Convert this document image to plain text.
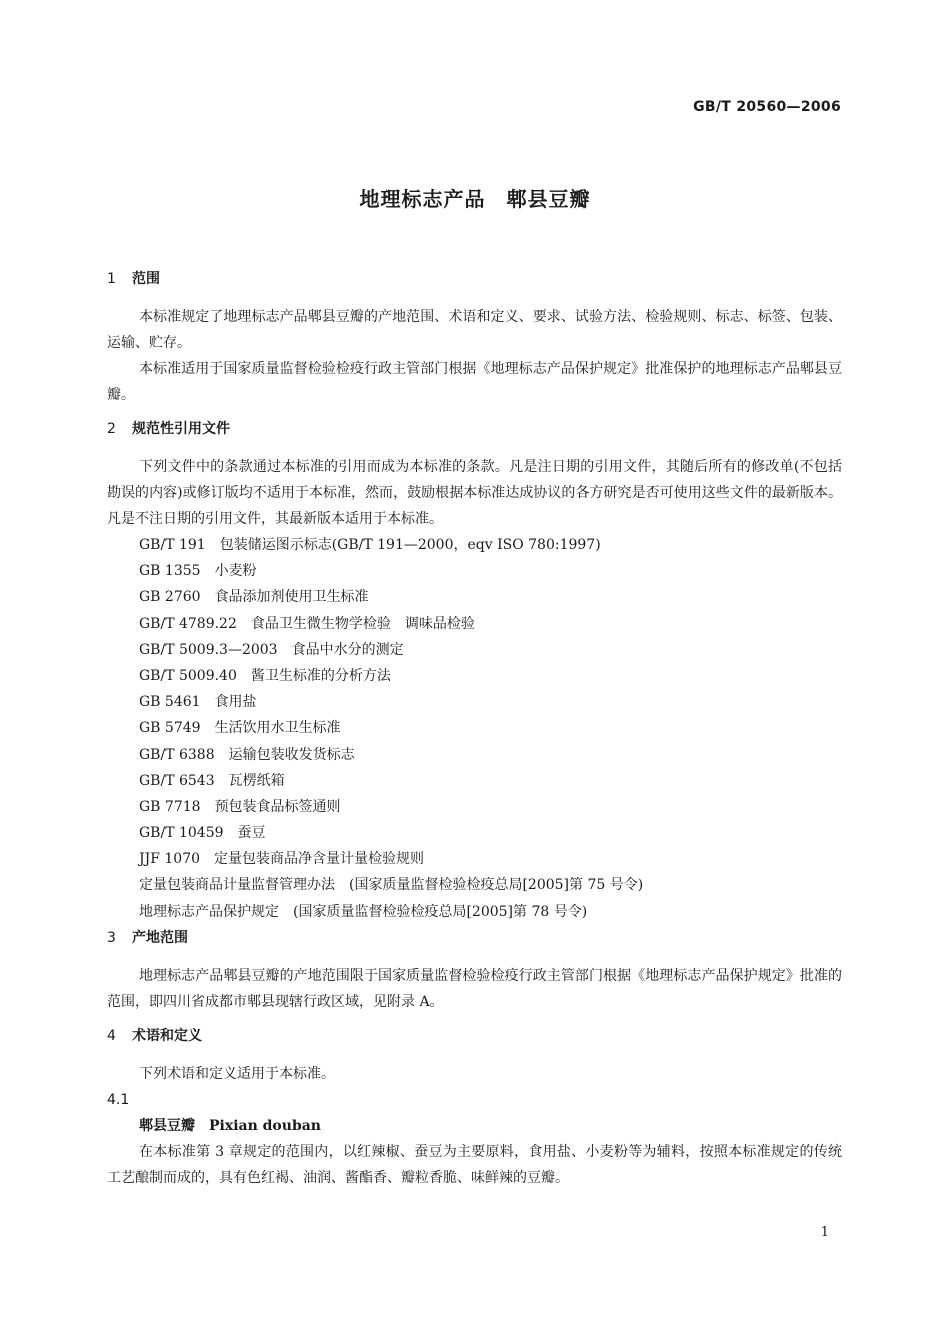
GB/T 20560—2006
地理标志产品　郫县豆瓣
1 范围

本标准规定了地理标志产品郫县豆瓣的产地范围、术语和定义、要求、试验方法、检验规则、标志、标签、包装、运输、贮存。

本标准适用于国家质量监督检验检疫行政主管部门根据《地理标志产品保护规定》批准保护的地理标志产品郫县豆瓣。

2 规范性引用文件

下列文件中的条款通过本标准的引用而成为本标准的条款。凡是注日期的引用文件，其随后所有的修改单(不包括勘误的内容)或修订版均不适用于本标准，然而，鼓励根据本标准达成协议的各方研究是否可使用这些文件的最新版本。凡是不注日期的引用文件，其最新版本适用于本标准。

GB/T 191 包装储运图示标志(GB/T 191—2000，eqv ISO 780:1997)
GB 1355 小麦粉
GB 2760 食品添加剂使用卫生标准
GB/T 4789.22 食品卫生微生物学检验　调味品检验
GB/T 5009.3—2003 食品中水分的测定
GB/T 5009.40 酱卫生标准的分析方法
GB 5461 食用盐
GB 5749 生活饮用水卫生标准
GB/T 6388 运输包装收发货标志
GB/T 6543 瓦楞纸箱
GB 7718 预包装食品标签通则
GB/T 10459 蚕豆
JJF 1070 定量包装商品净含量计量检验规则
定量包装商品计量监督管理办法 (国家质量监督检验检疫总局[2005]第 75 号令)
地理标志产品保护规定 (国家质量监督检验检疫总局[2005]第 78 号令)
3 产地范围

地理标志产品郫县豆瓣的产地范围限于国家质量监督检验检疫行政主管部门根据《地理标志产品保护规定》批准的范围，即四川省成都市郫县现辖行政区域，见附录 A。

4 术语和定义

下列术语和定义适用于本标准。

4.1
郫县豆瓣 Pixian douban

在本标准第 3 章规定的范围内，以红辣椒、蚕豆为主要原料，食用盐、小麦粉等为辅料，按照本标准规定的传统工艺酿制而成的，具有色红褐、油润、酱酯香、瓣粒香脆、味鲜辣的豆瓣。

1
